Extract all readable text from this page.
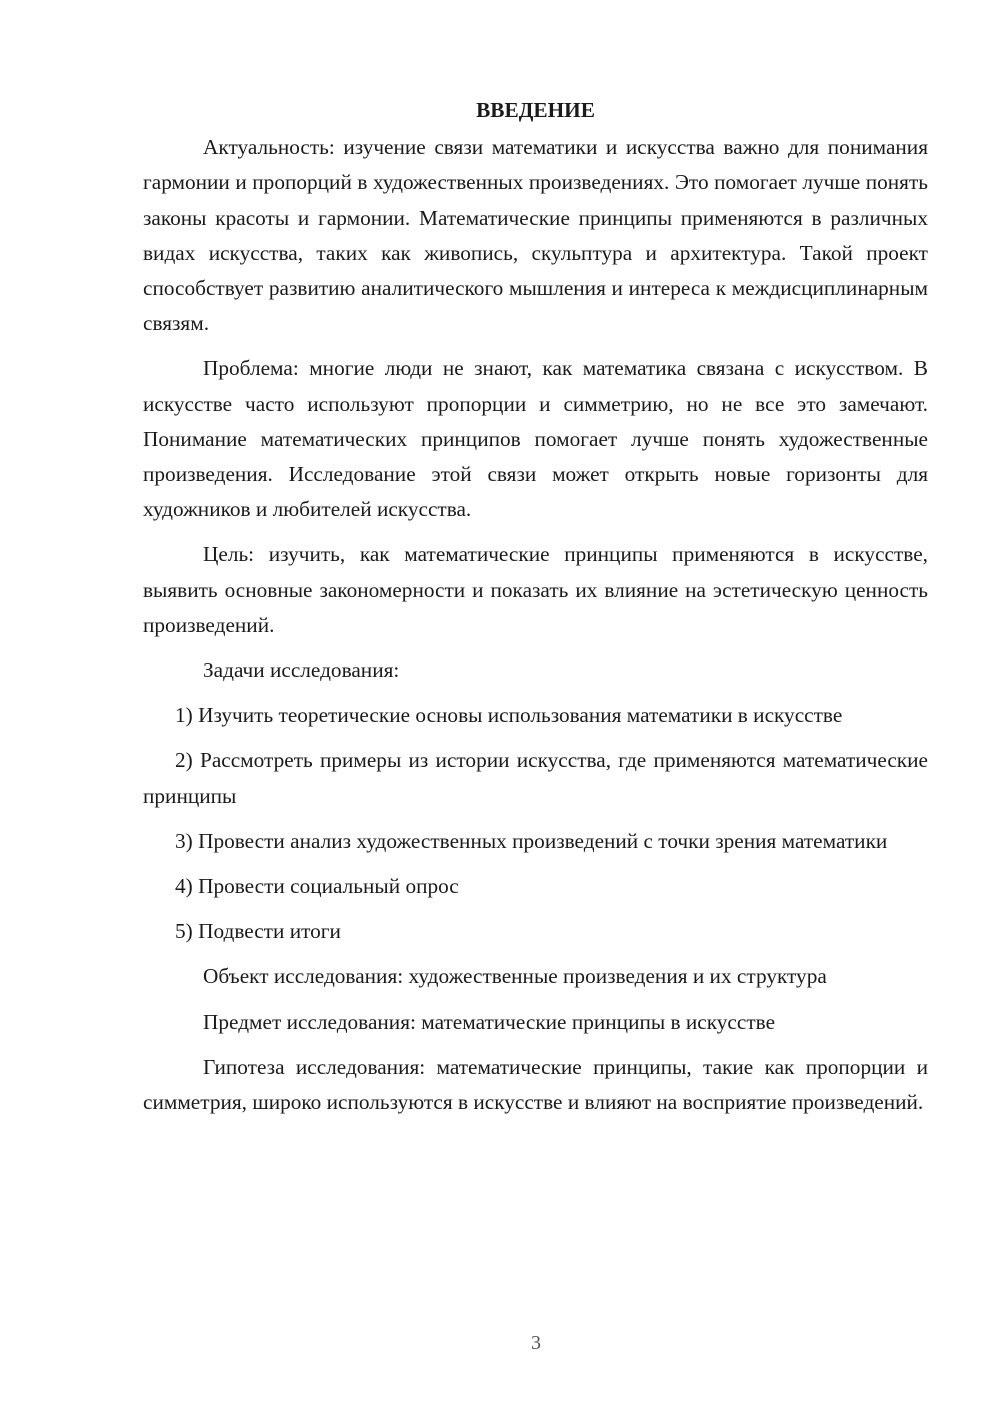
ВВЕДЕНИЕ

Актуальность: изучение связи математики и искусства важно для понимания гармонии и пропорций в художественных произведениях. Это помогает лучше понять законы красоты и гармонии. Математические принципы применяются в различных видах искусства, таких как живопись, скульптура и архитектура. Такой проект способствует развитию аналитического мышления и интереса к междисциплинарным связям.

Проблема: многие люди не знают, как математика связана с искусством. В искусстве часто используют пропорции и симметрию, но не все это замечают. Понимание математических принципов помогает лучше понять художественные произведения. Исследование этой связи может открыть новые горизонты для художников и любителей искусства.

Цель: изучить, как математические принципы применяются в искусстве, выявить основные закономерности и показать их влияние на эстетическую ценность произведений.

Задачи исследования:

1) Изучить теоретические основы использования математики в искусстве

2) Рассмотреть примеры из истории искусства, где применяются математические принципы

3) Провести анализ художественных произведений с точки зрения математики

4) Провести социальный опрос

5) Подвести итоги

Объект исследования: художественные произведения и их структура

Предмет исследования: математические принципы в искусстве

Гипотеза исследования: математические принципы, такие как пропорции и симметрия, широко используются в искусстве и влияют на восприятие произведений.

3
